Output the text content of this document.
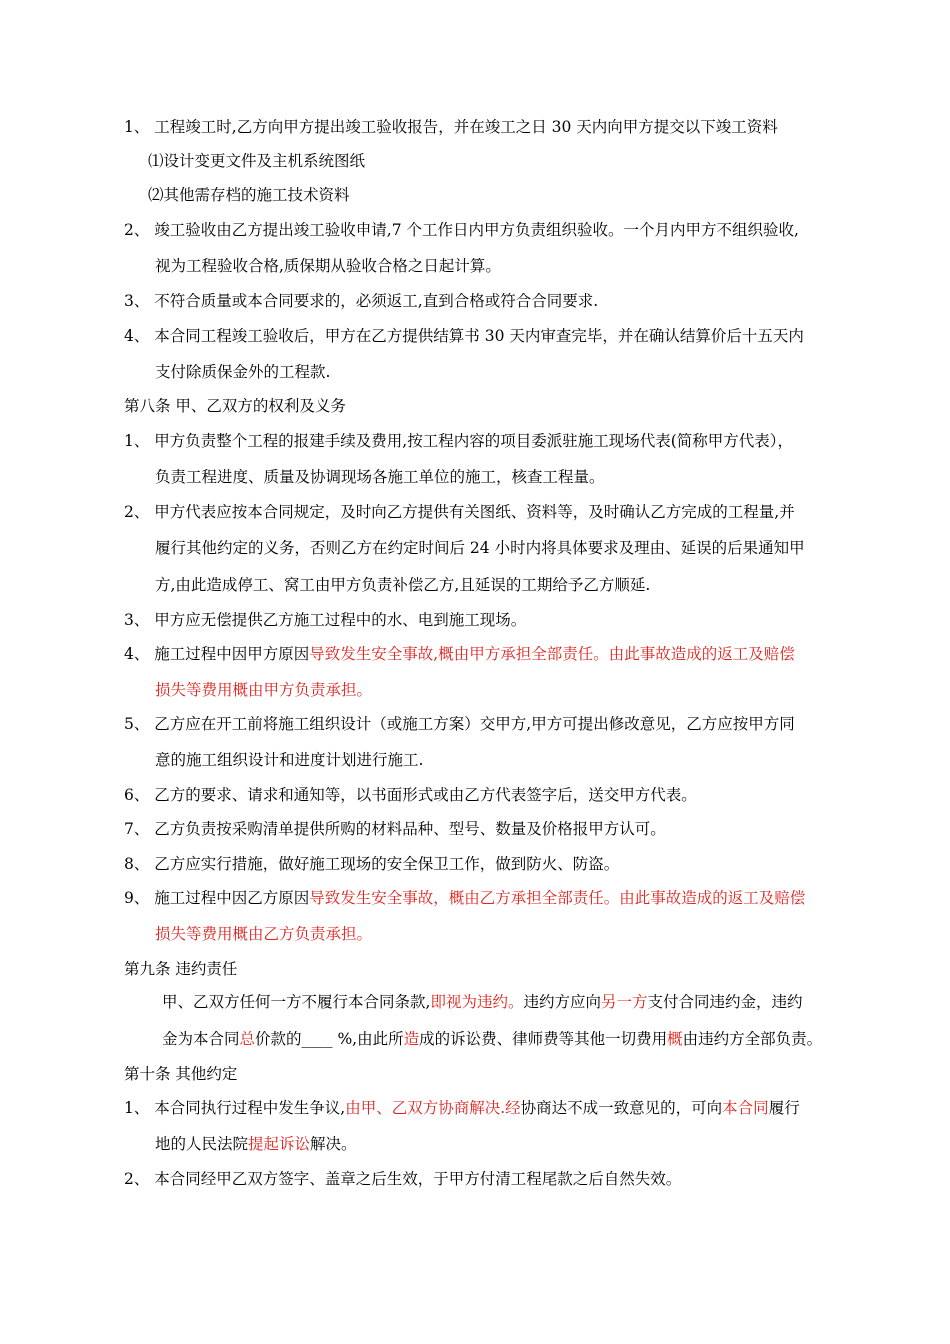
1、 工程竣工时,乙方向甲方提出竣工验收报告，并在竣工之日 30 天内向甲方提交以下竣工资料
⑴设计变更文件及主机系统图纸
⑵其他需存档的施工技术资料
2、 竣工验收由乙方提出竣工验收申请,7 个工作日内甲方负责组织验收。一个月内甲方不组织验收,
视为工程验收合格,质保期从验收合格之日起计算。
3、 不符合质量或本合同要求的，必须返工,直到合格或符合合同要求.
4、 本合同工程竣工验收后，甲方在乙方提供结算书 30 天内审查完毕，并在确认结算价后十五天内
支付除质保金外的工程款.
第八条 甲、乙双方的权利及义务
1、 甲方负责整个工程的报建手续及费用,按工程内容的项目委派驻施工现场代表(简称甲方代表），
负责工程进度、质量及协调现场各施工单位的施工，核查工程量。
2、 甲方代表应按本合同规定，及时向乙方提供有关图纸、资料等，及时确认乙方完成的工程量,并
履行其他约定的义务，否则乙方在约定时间后 24 小时内将具体要求及理由、延误的后果通知甲
方,由此造成停工、窝工由甲方负责补偿乙方,且延误的工期给予乙方顺延.
3、 甲方应无偿提供乙方施工过程中的水、电到施工现场。
4、 施工过程中因甲方原因导致发生安全事故,概由甲方承担全部责任。由此事故造成的返工及赔偿
损失等费用概由甲方负责承担。
5、 乙方应在开工前将施工组织设计（或施工方案）交甲方,甲方可提出修改意见，乙方应按甲方同
意的施工组织设计和进度计划进行施工.
6、 乙方的要求、请求和通知等，以书面形式或由乙方代表签字后，送交甲方代表。
7、 乙方负责按采购清单提供所购的材料品种、型号、数量及价格报甲方认可。
8、 乙方应实行措施，做好施工现场的安全保卫工作，做到防火、防盗。
9、 施工过程中因乙方原因导致发生安全事故，概由乙方承担全部责任。由此事故造成的返工及赔偿
损失等费用概由乙方负责承担。
第九条 违约责任
甲、乙双方任何一方不履行本合同条款,即视为违约。违约方应向另一方支付合同违约金，违约
金为本合同总价款的____ %,由此所造成的诉讼费、律师费等其他一切费用概由违约方全部负责。
第十条 其他约定
1、 本合同执行过程中发生争议,由甲、乙双方协商解决.经协商达不成一致意见的，可向本合同履行
地的人民法院提起诉讼解决。
2、 本合同经甲乙双方签字、盖章之后生效，于甲方付清工程尾款之后自然失效。
